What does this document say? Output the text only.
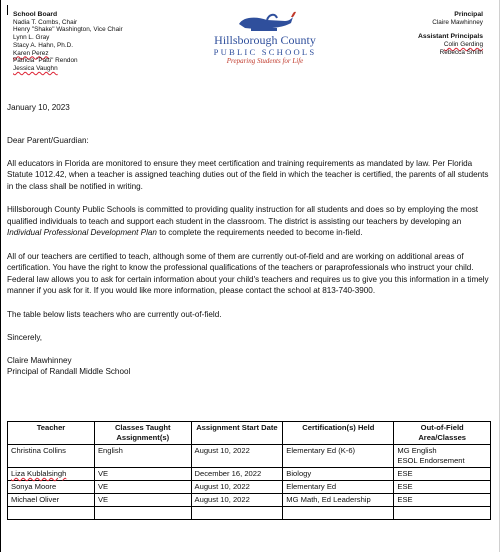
School Board
Nadia T. Combs, Chair
Henry "Shake" Washington, Vice Chair
Lynn L. Gray
Stacy A. Hahn, Ph.D.
Karen Perez
Patricia "Patti" Rendon
Jessica Vaughn
Hillsborough County
PUBLIC SCHOOLS
Preparing Students for Life
Principal
Claire Mawhinney
Assistant Principals
Colin Gerding
Rebecca Smith

January 10, 2023

Dear Parent/Guardian:

All educators in Florida are monitored to ensure they meet certification and training requirements as mandated by law. Per Florida Statute 1012.42, when a teacher is assigned teaching duties out of the field in which the teacher is certified, the parents of all students in the class shall be notified in writing.

Hillsborough County Public Schools is committed to providing quality instruction for all students and does so by employing the most qualified individuals to teach and support each student in the classroom. The district is assisting our teachers by developing an Individual Professional Development Plan to complete the requirements needed to become in-field.

All of our teachers are certified to teach, although some of them are currently out-of-field and are working on additional areas of certification. You have the right to know the professional qualifications of the teachers or paraprofessionals who instruct your child. Federal law allows you to ask for certain information about your child's teachers and requires us to give you this information in a timely manner if you ask for it. If you would like more information, please contact the school at 813-740-3900.

The table below lists teachers who are currently out-of-field.

Sincerely,

Claire Mawhinney

Principal of Randall Middle School

Teacher	Classes Taught Assignment(s)	Assignment Start Date	Certification(s) Held	Out-of-Field Area/Classes
Christina Collins	English	August 10, 2022	Elementary Ed (K-6)	MG English
ESOL Endorsement

Liza Kublalsingh	VE	December 16, 2022	Biology	ESE
Sonya Moore	VE	August 10, 2022	Elementary Ed	ESE
Michael Oliver	VE	August 10, 2022	MG Math, Ed Leadership	ESE
